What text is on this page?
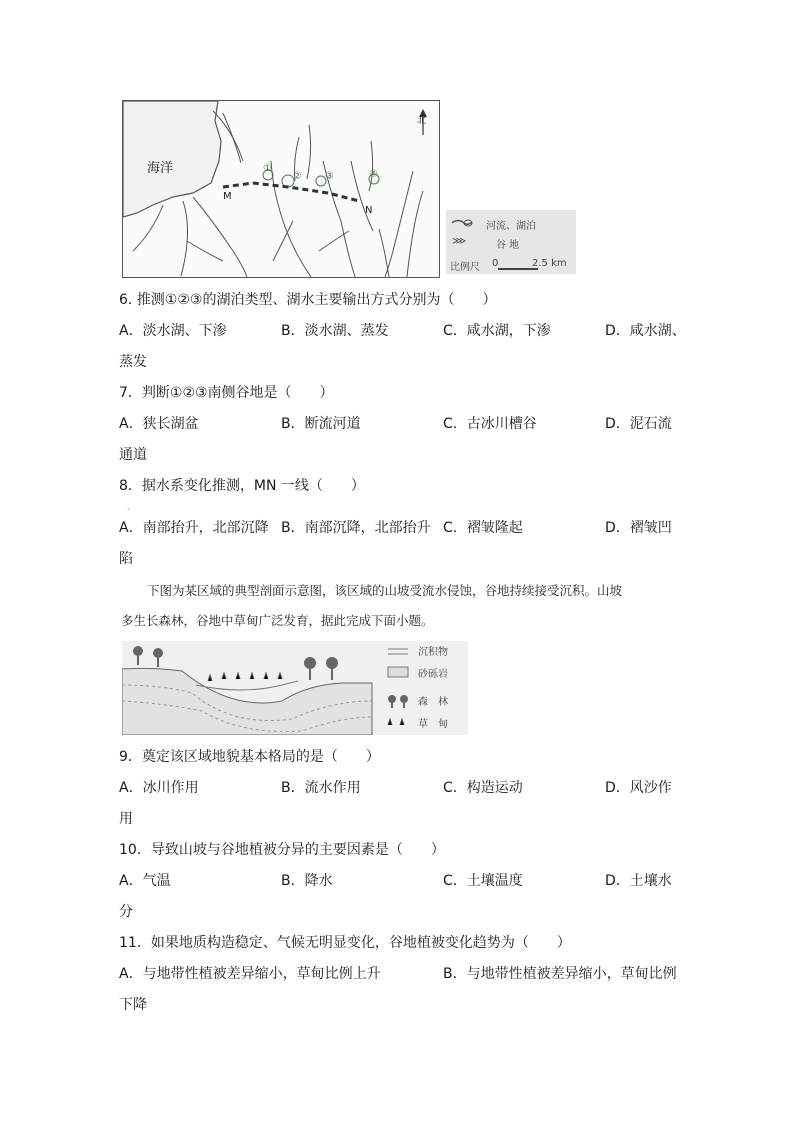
海洋
北
M
N
①
② ③	④
河流、湖泊
⋙	谷 地
比例尺 0	2.5 km
6. 推测①②③的湖泊类型、湖水主要输出方式分别为（　　）
A．淡水湖、下渗	B．淡水湖、蒸发	C．咸水湖，下渗	D．咸水湖、
蒸发
7．判断①②③南侧谷地是（　　）
A．狭长湖盆	B．断流河道	C．古冰川槽谷	D．泥石流
通道
8．据水系变化推测，MN 一线（　　）
·
A．南部抬升，北部沉降 B．南部沉降，北部抬升 C．褶皱隆起	D．褶皱凹
陷
下图为某区域的典型剖面示意图，该区域的山坡受流水侵蚀，谷地持续接受沉积。山坡
多生长森林，谷地中草甸广泛发育，据此完成下面小题。
沉积物
砂砾岩
森　林
草　甸
9．奠定该区域地貌基本格局的是（　　）
A．冰川作用	B．流水作用	C．构造运动	D．风沙作
用
10．导致山坡与谷地植被分异的主要因素是（　　）
A．气温	B．降水	C．土壤温度	D．土壤水
分
11．如果地质构造稳定、气候无明显变化，谷地植被变化趋势为（　　）
A．与地带性植被差异缩小，草甸比例上升	B．与地带性植被差异缩小，草甸比例
下降
